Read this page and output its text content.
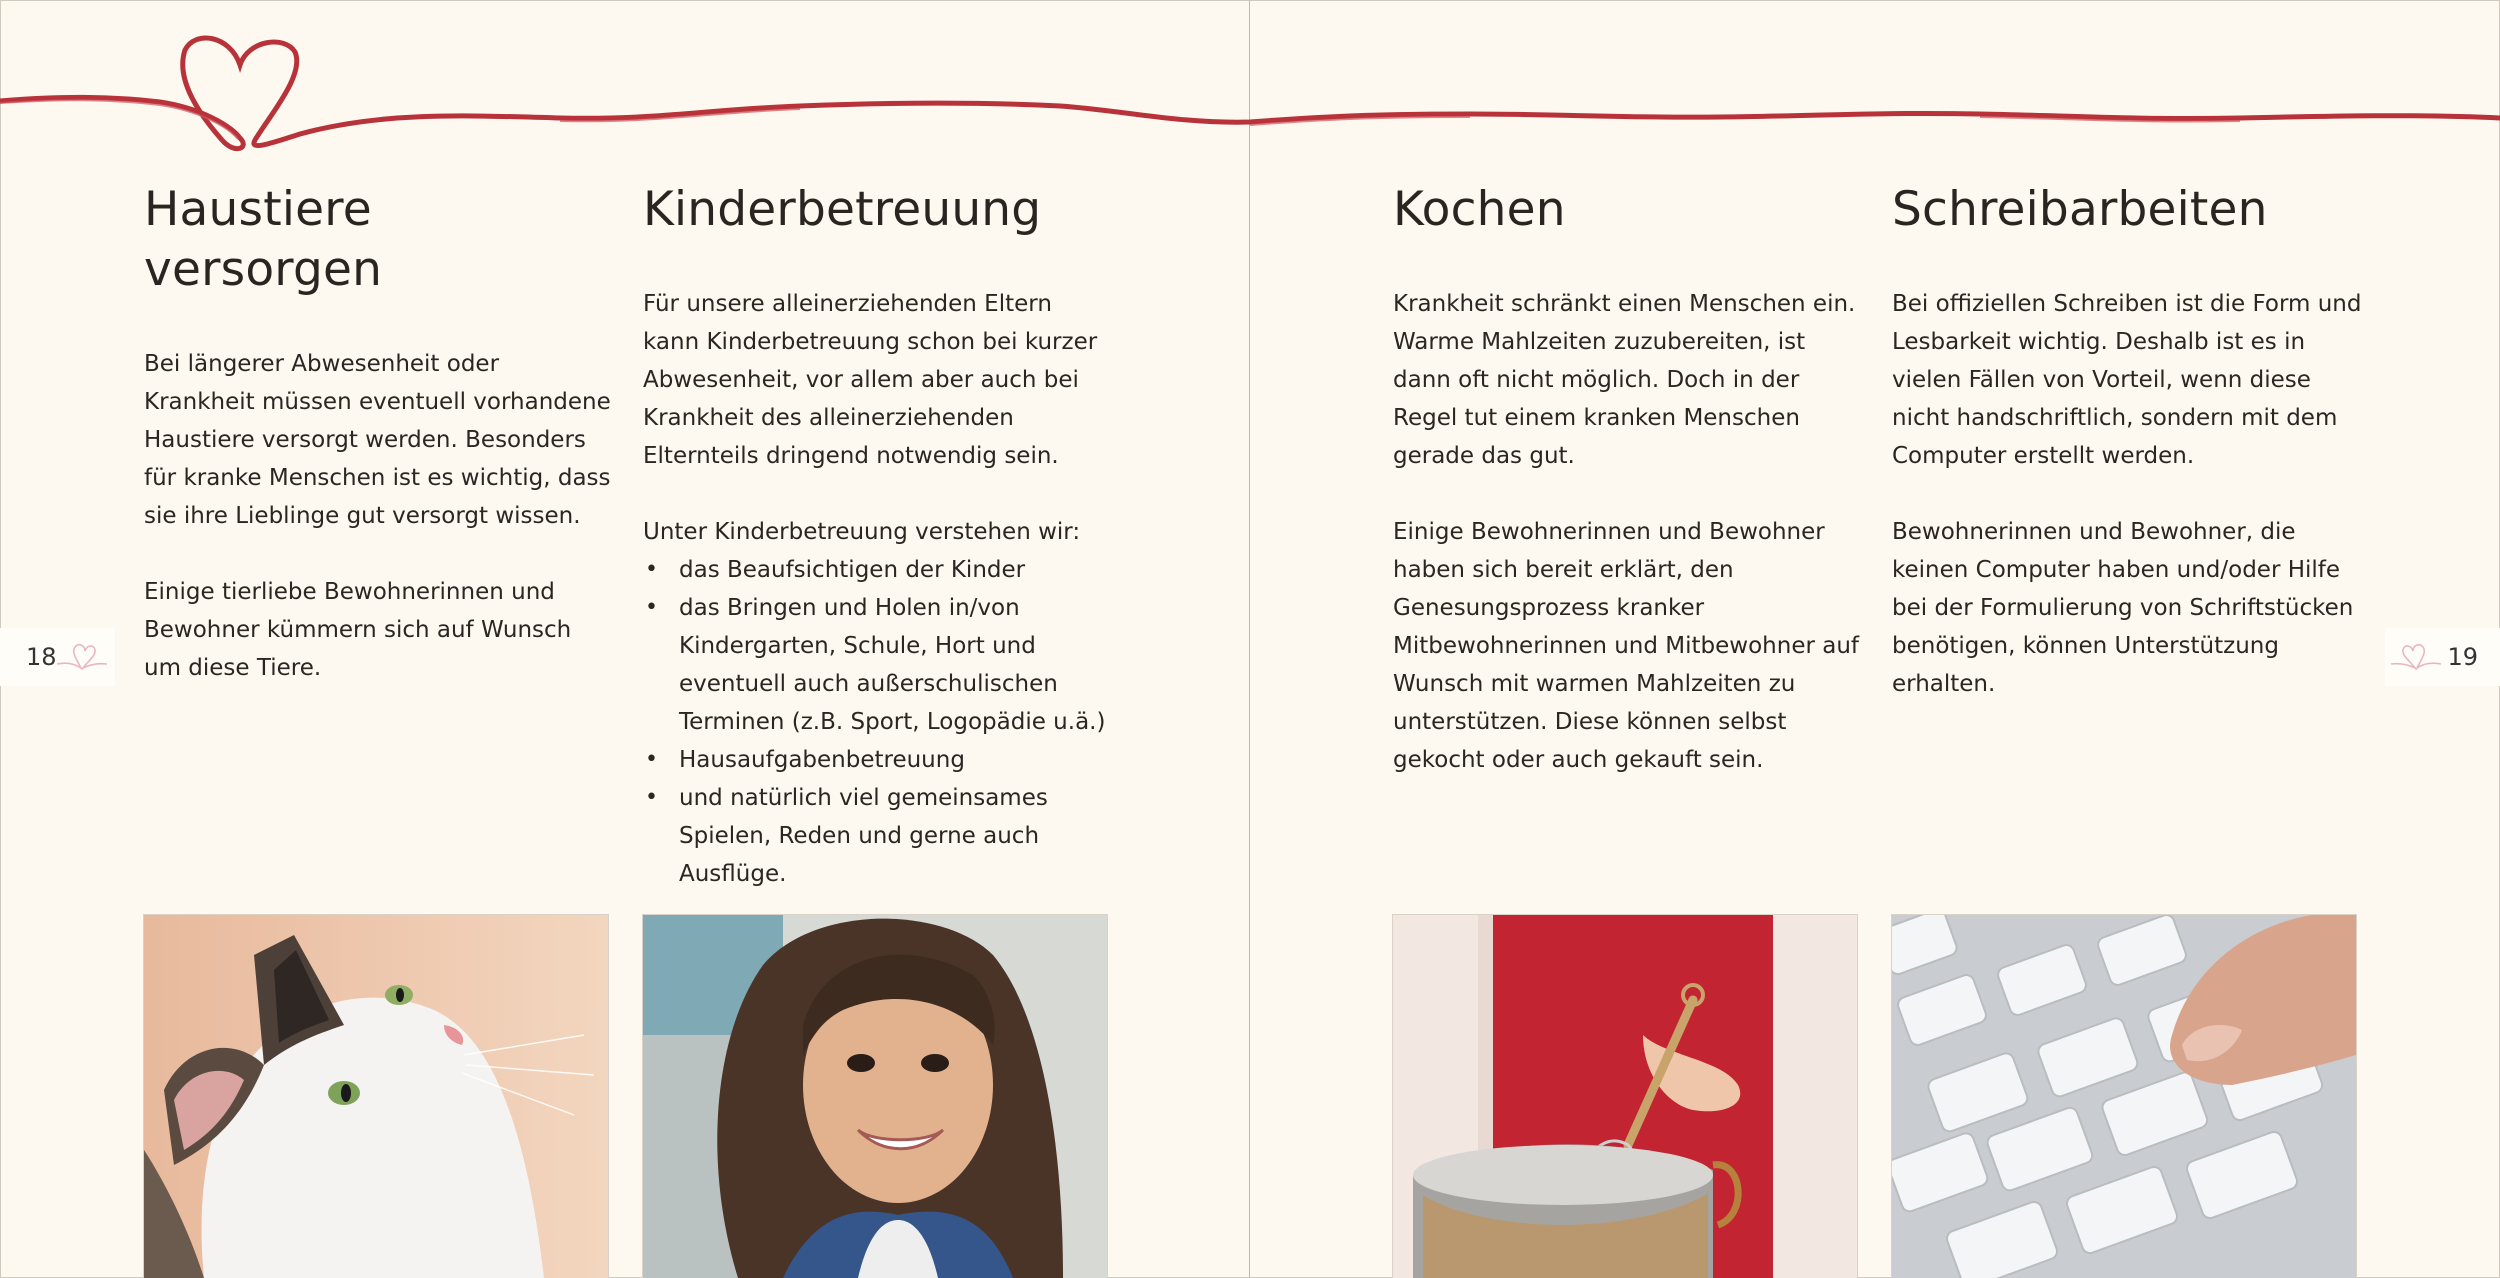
Haustiere versorgen

Bei längerer Abwesenheit oder Krankheit müssen eventuell vorhandene Haustiere versorgt werden. Besonders für kranke Menschen ist es wichtig, dass sie ihre Lieblinge gut versorgt wissen.

Einige tierliebe Bewohnerinnen und Bewohner kümmern sich auf Wunsch um diese Tiere.

Kinderbetreuung

Für unsere alleinerziehenden Eltern kann Kinderbetreuung schon bei kurzer Abwesenheit, vor allem aber auch bei Krankheit des alleinerziehenden Elternteils dringend notwendig sein.

Unter Kinderbetreuung verstehen wir:

• das Beaufsichtigen der Kinder
• das Bringen und Holen in/von Kindergarten, Schule, Hort und eventuell auch außerschulischen Terminen (z.B. Sport, Logopädie u.ä.)
• Hausaufgabenbetreuung
• und natürlich viel gemeinsames Spielen, Reden und gerne auch Ausflüge.
Kochen

Krankheit schränkt einen Menschen ein. Warme Mahlzeiten zuzubereiten, ist dann oft nicht möglich. Doch in der Regel tut einem kranken Menschen gerade das gut.

Einige Bewohnerinnen und Bewohner haben sich bereit erklärt, den Genesungsprozess kranker Mitbewohnerinnen und Mitbewohner auf Wunsch mit warmen Mahlzeiten zu unterstützen. Diese können selbst gekocht oder auch gekauft sein.

Schreibarbeiten

Bei offiziellen Schreiben ist die Form und Lesbarkeit wichtig. Deshalb ist es in vielen Fällen von Vorteil, wenn diese nicht handschriftlich, sondern mit dem Computer erstellt werden.

Bewohnerinnen und Bewohner, die keinen Computer haben und/oder Hilfe bei der Formulierung von Schriftstücken benötigen, können Unterstützung erhalten.

18	19
